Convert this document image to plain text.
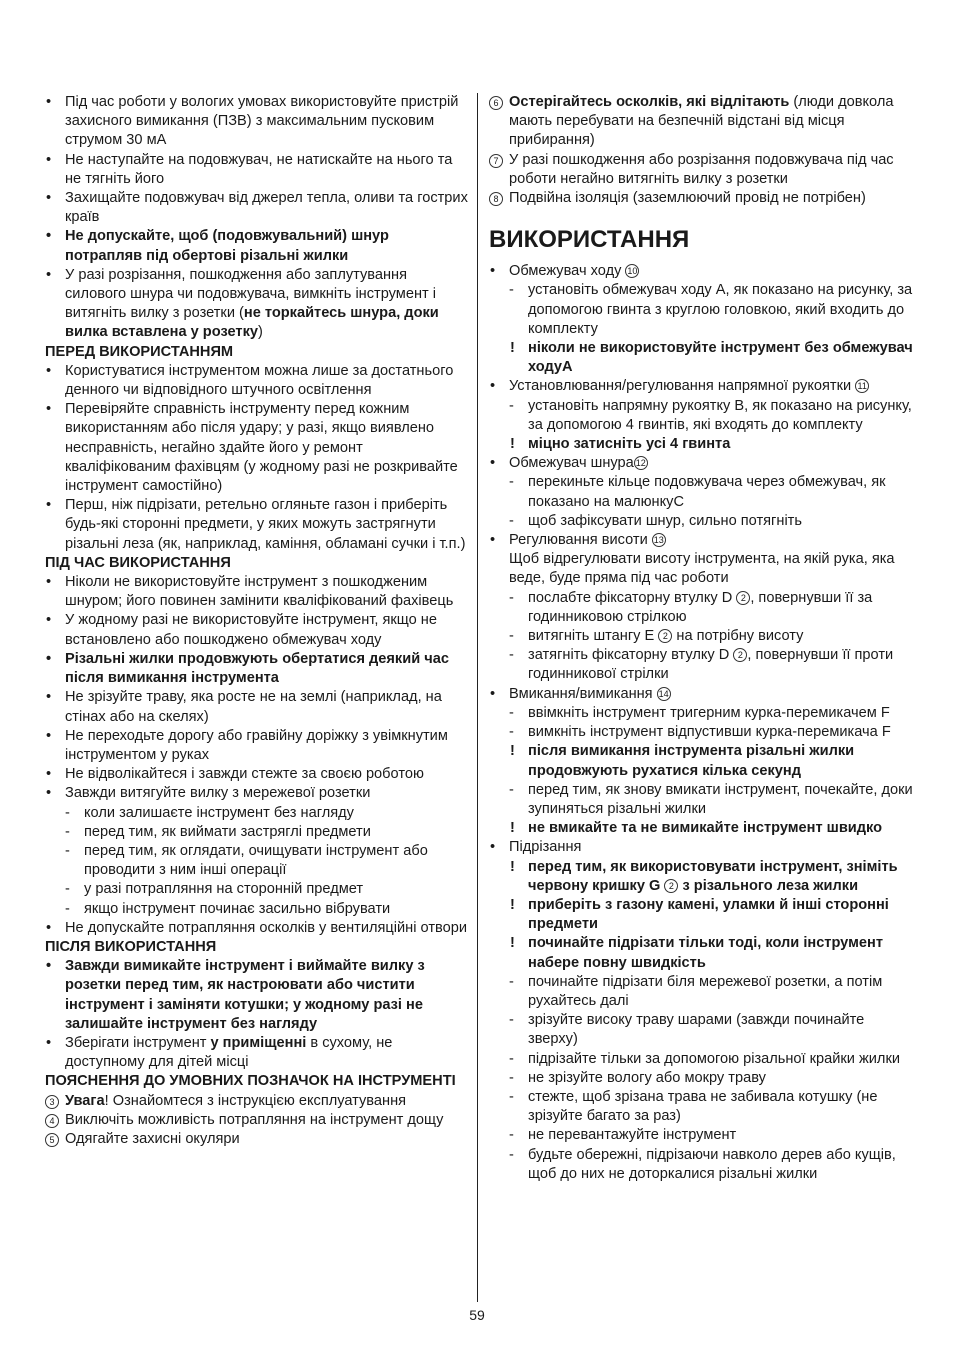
• Під час роботи у вологих умовах використовуйте пристрій захисного вимикання (ПЗВ) з максимальним пусковим струмом 30 мА
• Не наступайте на подовжувач, не натискайте на нього та не тягніть його
• Захищайте подовжувач від джерел тепла, оливи та гострих країв
• Не допускайте, щоб (подовжувальний) шнур потрапляв під обертові різальні жилки
• У разі розрізання, пошкодження або заплутування силового шнура чи подовжувача, вимкніть інструмент і витягніть вилку з розетки (не торкайтесь шнура, доки вилка вставлена у розетку)
ПЕРЕД ВИКОРИСТАННЯМ
• Користуватися інструментом можна лише за достатнього денного чи відповідного штучного освітлення
• Перевіряйте справність інструменту перед кожним використанням або після удару; у разі, якщо виявлено несправність, негайно здайте його у ремонт кваліфікованим фахівцям (у жодному разі не розкривайте інструмент самостійно)
• Перш, ніж підрізати, ретельно огляньте газон і приберіть будь-які сторонні предмети, у яких можуть застрягнути різальні леза (як, наприклад, каміння, обламані сучки і т.п.)
ПІД ЧАС ВИКОРИСТАННЯ
• Ніколи не використовуйте інструмент з пошкодженим шнуром; його повинен замінити кваліфікований фахівець
• У жодному разі не використовуйте інструмент, якщо не встановлено або пошкоджено обмежувач ходу
• Різальні жилки продовжують обертатися деякий час після вимикання інструмента
• Не зрізуйте траву, яка росте не на землі (наприклад, на стінах або на скелях)
• Не переходьте дорогу або гравійну доріжку з увімкнутим інструментом у руках
• Не відволікайтеся і завжди стежте за своєю роботою
• Завжди витягуйте вилку з мережевої розетки
- коли залишаєте інструмент без нагляду
- перед тим, як виймати застряглі предмети
- перед тим, як оглядати, очищувати інструмент або проводити з ним інші операції
- у разі потрапляння на сторонній предмет
- якщо інструмент починає засильно вібрувати
• Не допускайте потрапляння осколків у вентиляційні отвори
ПІСЛЯ ВИКОРИСТАННЯ
• Завжди вимикайте інструмент і виймайте вилку з розетки перед тим, як настроювати або чистити інструмент і заміняти котушки; у жодному разі не залишайте інструмент без нагляду
• Зберігати інструмент у приміщенні в сухому, не доступному для дітей місці
ПОЯСНЕННЯ ДО УМОВНИХ ПОЗНАЧОК НА ІНСТРУМЕНТІ
3 Увага! Ознайомтеся з інструкцією експлуатування
4 Виключіть можливість потрапляння на інструмент дощу
5 Одягайте захисні окуляри
6 Остерігайтесь осколків, які відлітають (люди довкола мають перебувати на безпечній відстані від місця прибирання)
7 У разі пошкодження або розрізання подовжувача під час роботи негайно витягніть вилку з розетки
8 Подвійна ізоляція (заземлюючий провід не потрібен)
ВИКОРИСТАННЯ
• Обмежувач ходу 10
- установіть обмежувач ходу A, як показано на рисунку, за допомогою гвинта з круглою головкою, який входить до комплекту
! ніколи не використовуйте інструмент без обмежувач ходуA
• Установлювання/регулювання напрямної рукоятки 11
- установіть напрямну рукоятку B, як показано на рисунку, за допомогою 4 гвинтів, які входять до комплекту
! міцно затисніть усі 4 гвинта
• Обмежувач шнура 12
- перекиньте кільце подовжувача через обмежувач, як показано на малюнкуC
- щоб зафіксувати шнур, сильно потягніть
• Регулювання висоти 13
Щоб відрегулювати висоту інструмента, на якій рука, яка веде, буде пряма під час роботи
- послабте фіксаторну втулку D 2 , повернувши її за годинниковою стрілкою
- витягніть штангу E 2 на потрібну висоту
- затягніть фіксаторну втулку D 2 , повернувши її проти годинникової стрілки
• Вмикання/вимикання 14
- ввімкніть інструмент тригерним курка-перемикачем F
- вимкніть інструмент відпустивши курка-перемикача F
! після вимикання інструмента різальні жилки продовжують рухатися кілька секунд
- перед тим, як знову вмикати інструмент, почекайте, доки зупиняться різальні жилки
! не вмикайте та не вимикайте інструмент швидко
• Підрізання
! перед тим, як використовувати інструмент, зніміть червону кришку G 2 з різального леза жилки
! приберіть з газону камені, уламки й інші сторонні предмети
! починайте підрізати тільки тоді, коли інструмент набере повну швидкість
- починайте підрізати біля мережевої розетки, а потім рухайтесь далі
- зрізуйте високу траву шарами (завжди починайте зверху)
- підрізайте тільки за допомогою різальної крайки жилки
- не зрізуйте вологу або мокру траву
- стежте, щоб зрізана трава не забивала котушку (не зрізуйте багато за раз)
- не перевантажуйте інструмент
- будьте обережні, підрізаючи навколо дерев або кущів, щоб до них не доторкалися різальні жилки
59
